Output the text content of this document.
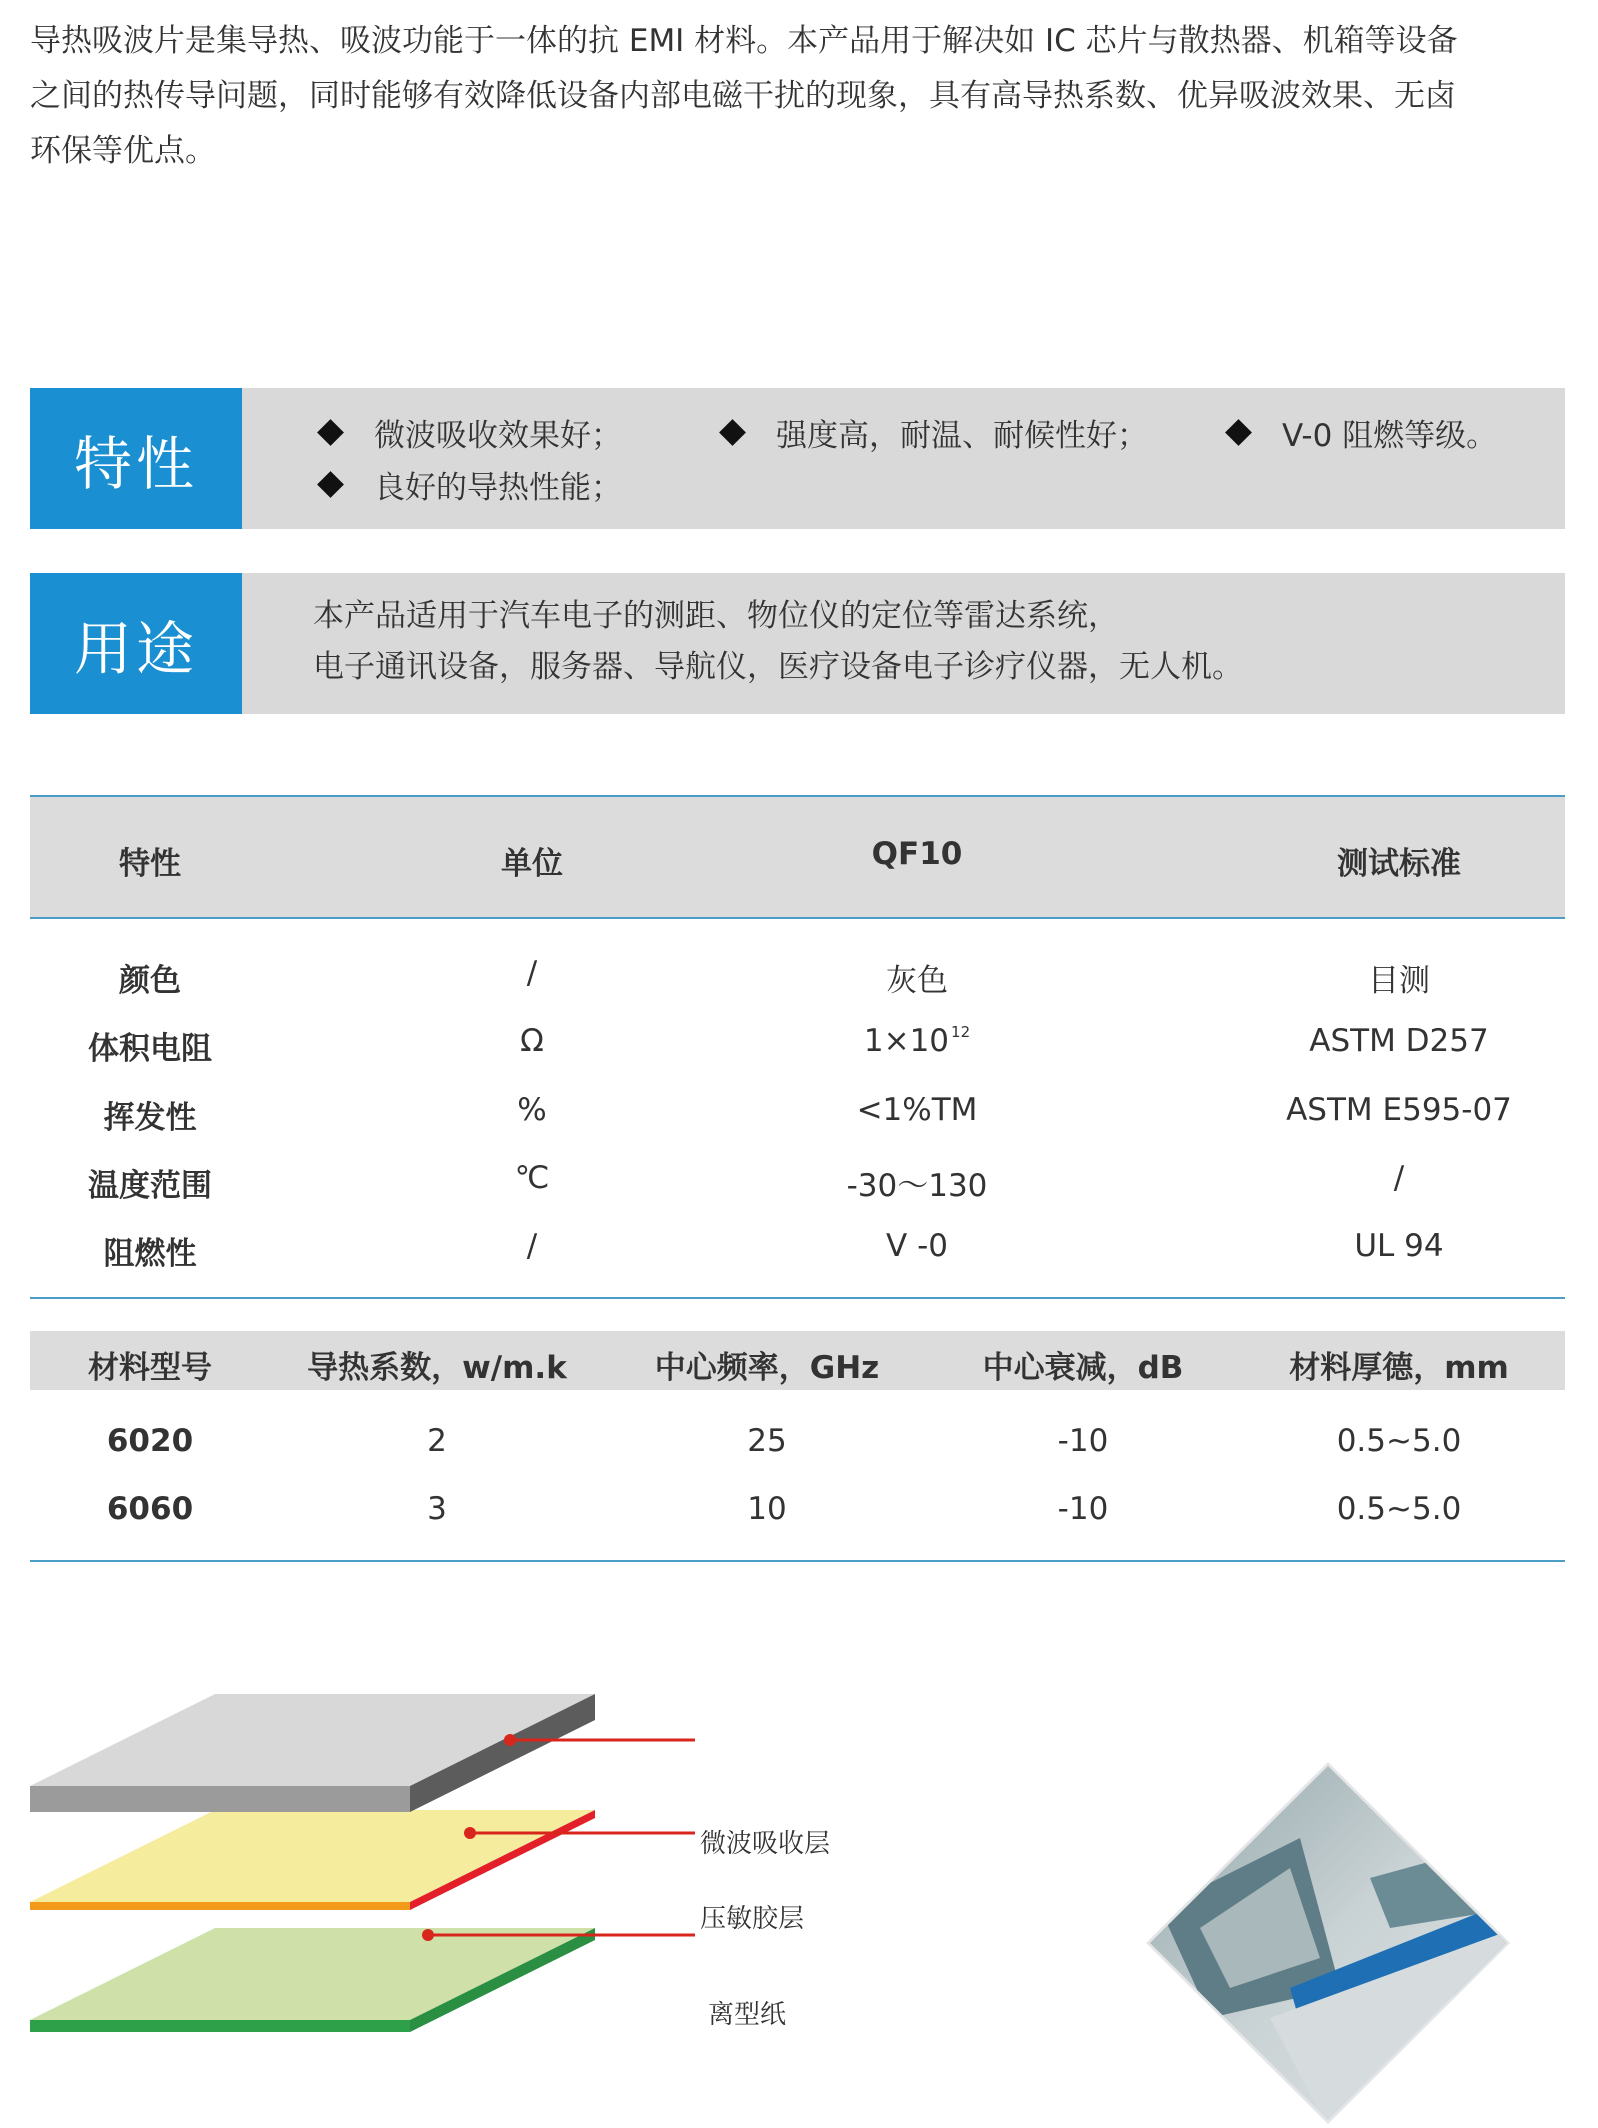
导热吸波片是集导热、吸波功能于一体的抗 EMI 材料。本产品用于解决如 IC 芯片与散热器、机箱等设备
之间的热传导问题，同时能够有效降低设备内部电磁干扰的现象，具有高导热系数、优异吸波效果、无卤
环保等优点。
特性	微波吸收效果好；	强度高，耐温、耐候性好；	V-0 阻燃等级。
良好的导热性能；
用途	本产品适用于汽车电子的测距、物位仪的定位等雷达系统，
电子通讯设备，服务器、导航仪，医疗设备电子诊疗仪器，无人机。
特性	单位	QF10	测试标准
颜色	/	灰色	目测
体积电阻	Ω	1×10 $^{12}$	ASTM D257
挥发性	%	<1%TM	ASTM E595-07
温度范围	℃	-30～130	/
阻燃性	/	V -0	UL 94
材料型号	导热系数，w/m.k	中心频率，GHz	中心衰减，dB	材料厚德，mm
6020	2	25	-10	0.5~5.0
6060	3	10	-10	0.5~5.0
微波吸收层
压敏胶层
离型纸
